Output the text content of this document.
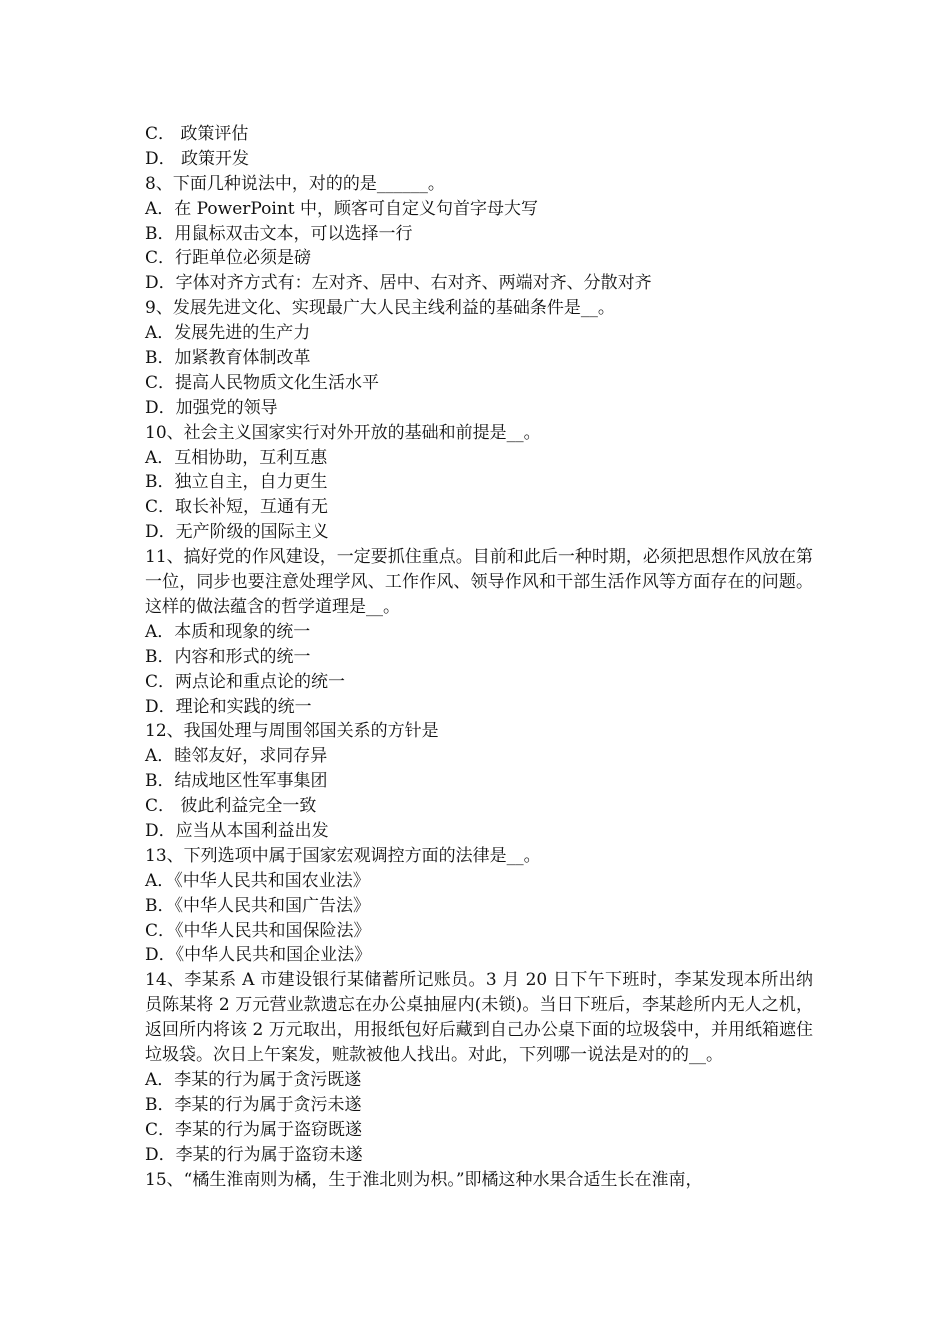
C． 政策评估
D． 政策开发
8、下面几种说法中，对的的是______。
A．在 PowerPoint 中，顾客可自定义句首字母大写
B．用鼠标双击文本，可以选择一行
C．行距单位必须是磅
D．字体对齐方式有：左对齐、居中、右对齐、两端对齐、分散对齐
9、发展先进文化、实现最广大人民主线利益的基础条件是__。
A．发展先进的生产力
B．加紧教育体制改革
C．提高人民物质文化生活水平
D．加强党的领导
10、社会主义国家实行对外开放的基础和前提是__。
A．互相协助，互利互惠
B．独立自主，自力更生
C．取长补短，互通有无
D．无产阶级的国际主义
11、搞好党的作风建设，一定要抓住重点。目前和此后一种时期，必须把思想作风放在第一位，同步也要注意处理学风、工作作风、领导作风和干部生活作风等方面存在的问题。这样的做法蕴含的哲学道理是__。
A．本质和现象的统一
B．内容和形式的统一
C．两点论和重点论的统一
D．理论和实践的统一
12、我国处理与周围邻国关系的方针是
A．睦邻友好，求同存异
B．结成地区性军事集团
C． 彼此利益完全一致
D．应当从本国利益出发
13、下列选项中属于国家宏观调控方面的法律是__。
A．《中华人民共和国农业法》
B．《中华人民共和国广告法》
C．《中华人民共和国保险法》
D．《中华人民共和国企业法》
14、李某系 A 市建设银行某储蓄所记账员。3 月 20 日下午下班时，李某发现本所出纳员陈某将 2 万元营业款遗忘在办公桌抽屉内(未锁)。当日下班后，李某趁所内无人之机，返回所内将该 2 万元取出，用报纸包好后藏到自己办公桌下面的垃圾袋中，并用纸箱遮住垃圾袋。次日上午案发，赃款被他人找出。对此，下列哪一说法是对的的__。
A．李某的行为属于贪污既遂
B．李某的行为属于贪污未遂
C．李某的行为属于盗窃既遂
D．李某的行为属于盗窃未遂
15、“橘生淮南则为橘，生于淮北则为枳。”即橘这种水果合适生长在淮南，
